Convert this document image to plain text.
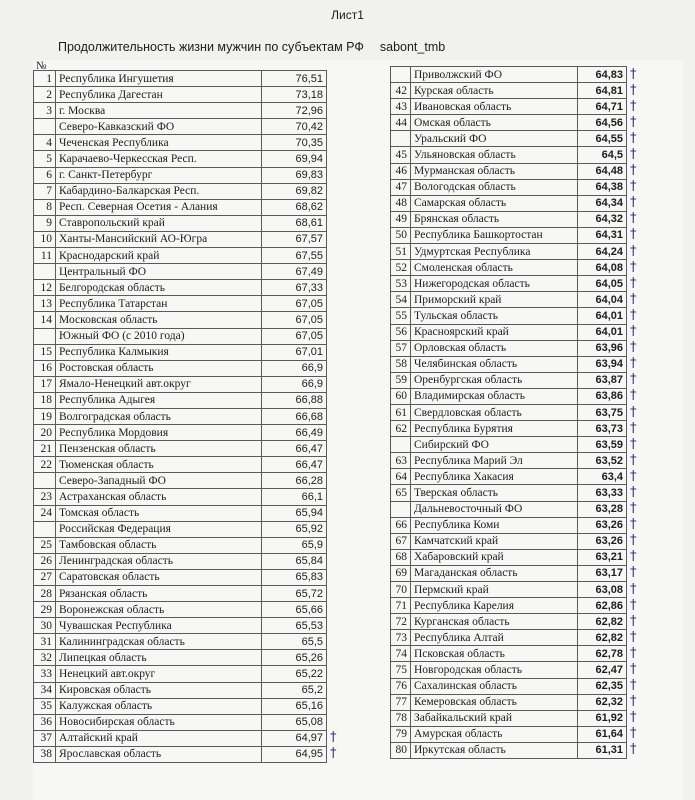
Лист1
Продолжительность жизни мужчин по субъектам РФ sabont_tmb
№
1	Республика Ингушетия	76,51	
2	Республика Дагестан	73,18	
3	г. Москва	72,96	
	Северо-Кавказский ФО	70,42	
4	Чеченская Республика	70,35	
5	Карачаево-Черкесская Респ.	69,94	
6	г. Санкт-Петербург	69,83	
7	Кабардино-Балкарская Респ.	69,82	
8	Респ. Северная Осетия - Алания	68,62	
9	Ставропольский край	68,61	
10	Ханты-Мансийский АО-Югра	67,57	
11	Краснодарский край	67,55	
	Центральный ФО	67,49	
12	Белгородская область	67,33	
13	Республика Татарстан	67,05	
14	Московская область	67,05	
	Южный ФО (с 2010 года)	67,05	
15	Республика Калмыкия	67,01	
16	Ростовская область	66,9	
17	Ямало-Ненецкий авт.округ	66,9	
18	Республика Адыгея	66,88	
19	Волгоградская область	66,68	
20	Республика Мордовия	66,49	
21	Пензенская область	66,47	
22	Тюменская область	66,47	
	Северо-Западный ФО	66,28	
23	Астраханская область	66,1	
24	Томская область	65,94	
	Российская Федерация	65,92	
25	Тамбовская область	65,9	
26	Ленинградская область	65,84	
27	Саратовская область	65,83	
28	Рязанская область	65,72	
29	Воронежская область	65,66	
30	Чувашская Республика	65,53	
31	Калининградская область	65,5	
32	Липецкая область	65,26	
33	Ненецкий авт.округ	65,22	
34	Кировская область	65,2	
35	Калужская область	65,16	
36	Новосибирская область	65,08	
37	Алтайский край	64,97	†
38	Ярославская область	64,95	†
	Приволжский ФО	64,83	†
42	Курская область	64,81	†
43	Ивановская область	64,71	†
44	Омская область	64,56	†
	Уральский ФО	64,55	†
45	Ульяновская область	64,5	†
46	Мурманская область	64,48	†
47	Вологодская область	64,38	†
48	Самарская область	64,34	†
49	Брянская область	64,32	†
50	Республика Башкортостан	64,31	†
51	Удмуртская Республика	64,24	†
52	Смоленская область	64,08	†
53	Нижегородская область	64,05	†
54	Приморский край	64,04	†
55	Тульская область	64,01	†
56	Красноярский край	64,01	†
57	Орловская область	63,96	†
58	Челябинская область	63,94	†
59	Оренбургская область	63,87	†
60	Владимирская область	63,86	†
61	Свердловская область	63,75	†
62	Республика Бурятия	63,73	†
	Сибирский ФО	63,59	†
63	Республика Марий Эл	63,52	†
64	Республика Хакасия	63,4	†
65	Тверская область	63,33	†
	Дальневосточный ФО	63,28	†
66	Республика Коми	63,26	†
67	Камчатский край	63,26	†
68	Хабаровский край	63,21	†
69	Магаданская область	63,17	†
70	Пермский край	63,08	†
71	Республика Карелия	62,86	†
72	Курганская область	62,82	†
73	Республика Алтай	62,82	†
74	Псковская область	62,78	†
75	Новгородская область	62,47	†
76	Сахалинская область	62,35	†
77	Кемеровская область	62,32	†
78	Забайкальский край	61,92	†
79	Амурская область	61,64	†
80	Иркутская область	61,31	†
